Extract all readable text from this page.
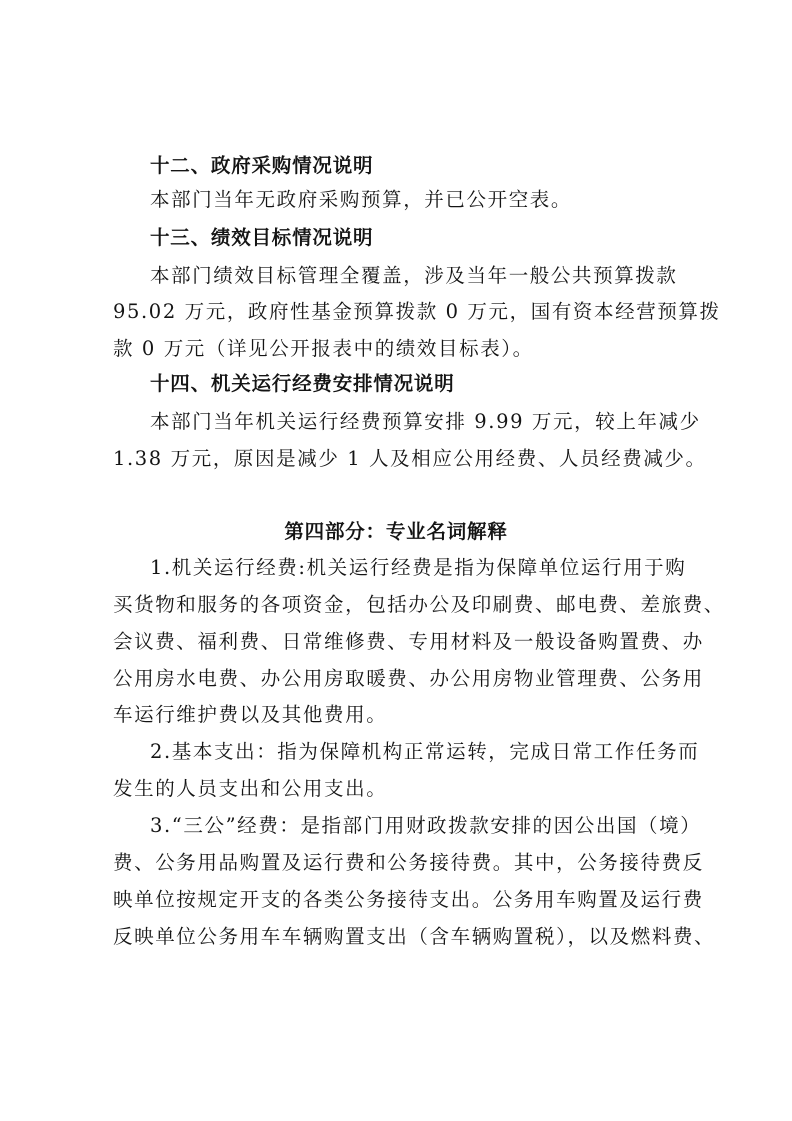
十二、政府采购情况说明
本部门当年无政府采购预算，并已公开空表。
十三、绩效目标情况说明
本部门绩效目标管理全覆盖，涉及当年一般公共预算拨款
95.02 万元，政府性基金预算拨款 0 万元，国有资本经营预算拨
款 0 万元（详见公开报表中的绩效目标表）。
十四、机关运行经费安排情况说明
本部门当年机关运行经费预算安排 9.99 万元，较上年减少
1.38 万元，原因是减少 1 人及相应公用经费、人员经费减少。
第四部分：专业名词解释
1.机关运行经费:机关运行经费是指为保障单位运行用于购
买货物和服务的各项资金，包括办公及印刷费、邮电费、差旅费、
会议费、福利费、日常维修费、专用材料及一般设备购置费、办
公用房水电费、办公用房取暖费、办公用房物业管理费、公务用
车运行维护费以及其他费用。
2.基本支出：指为保障机构正常运转，完成日常工作任务而
发生的人员支出和公用支出。
3.“三公”经费：是指部门用财政拨款安排的因公出国（境）
费、公务用品购置及运行费和公务接待费。其中，公务接待费反
映单位按规定开支的各类公务接待支出。公务用车购置及运行费
反映单位公务用车车辆购置支出（含车辆购置税），以及燃料费、
